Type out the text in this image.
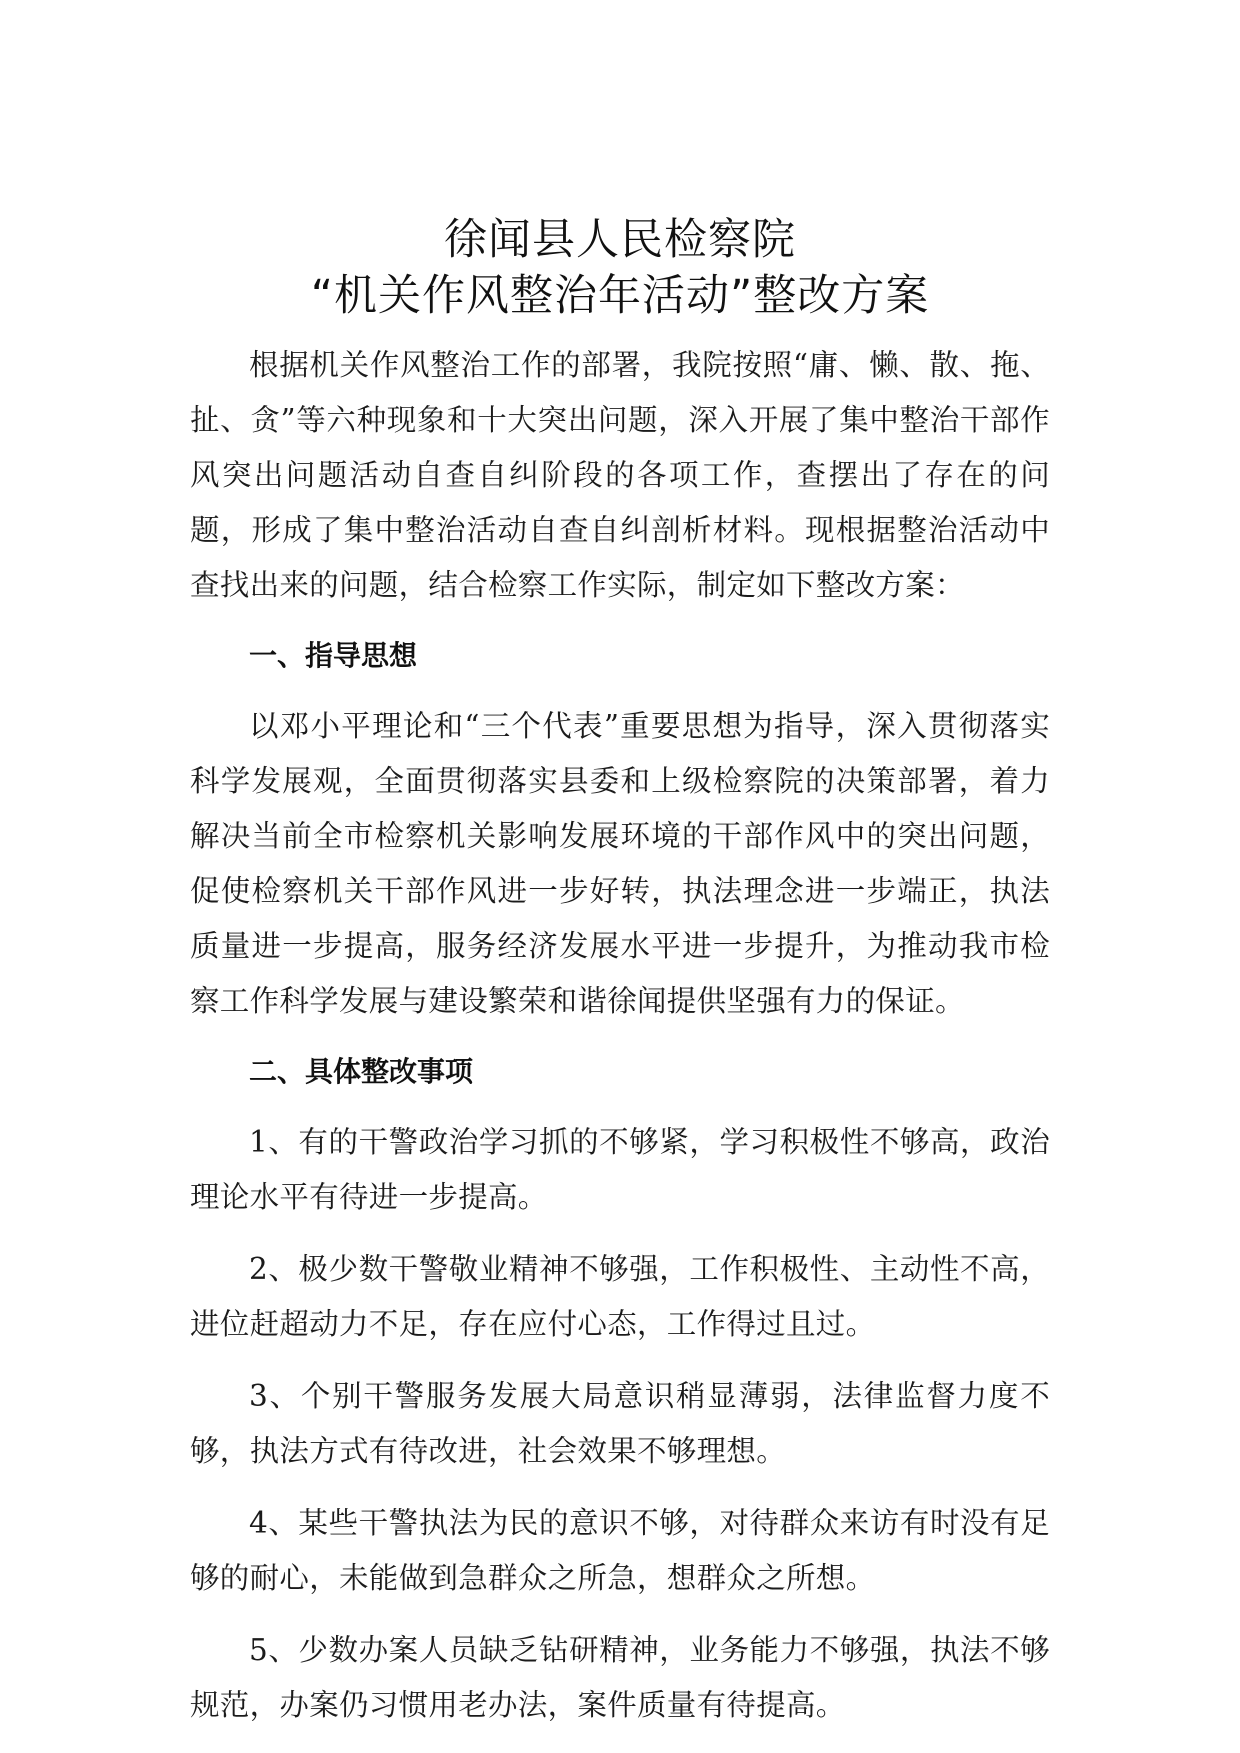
徐闻县人民检察院
“机关作风整治年活动”整改方案

根据机关作风整治工作的部署，我院按照“庸、懒、散、拖、扯、贪”等六种现象和十大突出问题，深入开展了集中整治干部作风突出问题活动自查自纠阶段的各项工作，查摆出了存在的问题，形成了集中整治活动自查自纠剖析材料。现根据整治活动中查找出来的问题，结合检察工作实际，制定如下整改方案：

一、指导思想

以邓小平理论和“三个代表”重要思想为指导，深入贯彻落实科学发展观，全面贯彻落实县委和上级检察院的决策部署，着力解决当前全市检察机关影响发展环境的干部作风中的突出问题，促使检察机关干部作风进一步好转，执法理念进一步端正，执法质量进一步提高，服务经济发展水平进一步提升，为推动我市检察工作科学发展与建设繁荣和谐徐闻提供坚强有力的保证。

二、具体整改事项

1、有的干警政治学习抓的不够紧，学习积极性不够高，政治理论水平有待进一步提高。

2、极少数干警敬业精神不够强，工作积极性、主动性不高，进位赶超动力不足，存在应付心态，工作得过且过。

3、个别干警服务发展大局意识稍显薄弱，法律监督力度不够，执法方式有待改进，社会效果不够理想。

4、某些干警执法为民的意识不够，对待群众来访有时没有足够的耐心，未能做到急群众之所急，想群众之所想。

5、少数办案人员缺乏钻研精神，业务能力不够强，执法不够规范，办案仍习惯用老办法，案件质量有待提高。
